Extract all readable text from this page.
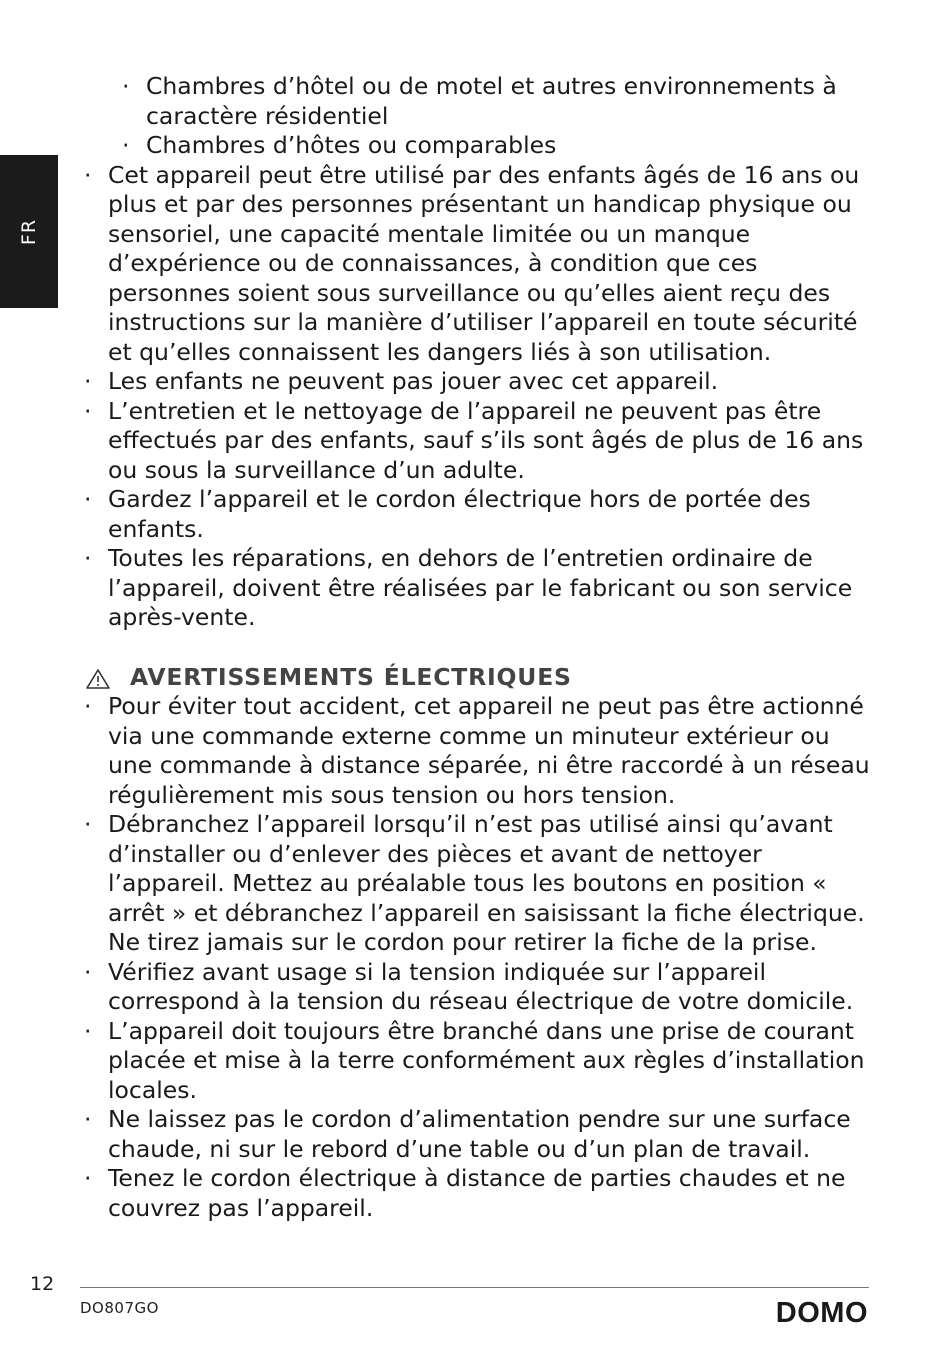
FR
· Chambres d’hôtel ou de motel et autres environnements à caractère résidentiel
· Chambres d’hôtes ou comparables
· Cet appareil peut être utilisé par des enfants âgés de 16 ans ou plus et par des personnes présentant un handicap physique ou sensoriel, une capacité mentale limitée ou un manque d’expérience ou de connaissances, à condition que ces personnes soient sous surveillance ou qu’elles aient reçu des instructions sur la manière d’utiliser l’appareil en toute sécurité et qu’elles connaissent les dangers liés à son utilisation.
· Les enfants ne peuvent pas jouer avec cet appareil.
· L’entretien et le nettoyage de l’appareil ne peuvent pas être effectués par des enfants, sauf s’ils sont âgés de plus de 16 ans ou sous la surveillance d’un adulte.
· Gardez l’appareil et le cordon électrique hors de portée des enfants.
· Toutes les réparations, en dehors de l’entretien ordinaire de l’appareil, doivent être réalisées par le fabricant ou son service après-vente.
AVERTISSEMENTS ÉLECTRIQUES
· Pour éviter tout accident, cet appareil ne peut pas être actionné via une commande externe comme un minuteur extérieur ou une commande à distance séparée, ni être raccordé à un réseau régulièrement mis sous tension ou hors tension.
· Débranchez l’appareil lorsqu’il n’est pas utilisé ainsi qu’avant d’installer ou d’enlever des pièces et avant de nettoyer l’appareil. Mettez au préalable tous les boutons en position « arrêt » et débranchez l’appareil en saisissant la fiche électrique. Ne tirez jamais sur le cordon pour retirer la fiche de la prise.
· Vérifiez avant usage si la tension indiquée sur l’appareil correspond à la tension du réseau électrique de votre domicile.
· L’appareil doit toujours être branché dans une prise de courant placée et mise à la terre conformément aux règles d’installation locales.
· Ne laissez pas le cordon d’alimentation pendre sur une surface chaude, ni sur le rebord d’une table ou d’un plan de travail.
· Tenez le cordon électrique à distance de parties chaudes et ne couvrez pas l’appareil.
12
DO807GO	DOMO
